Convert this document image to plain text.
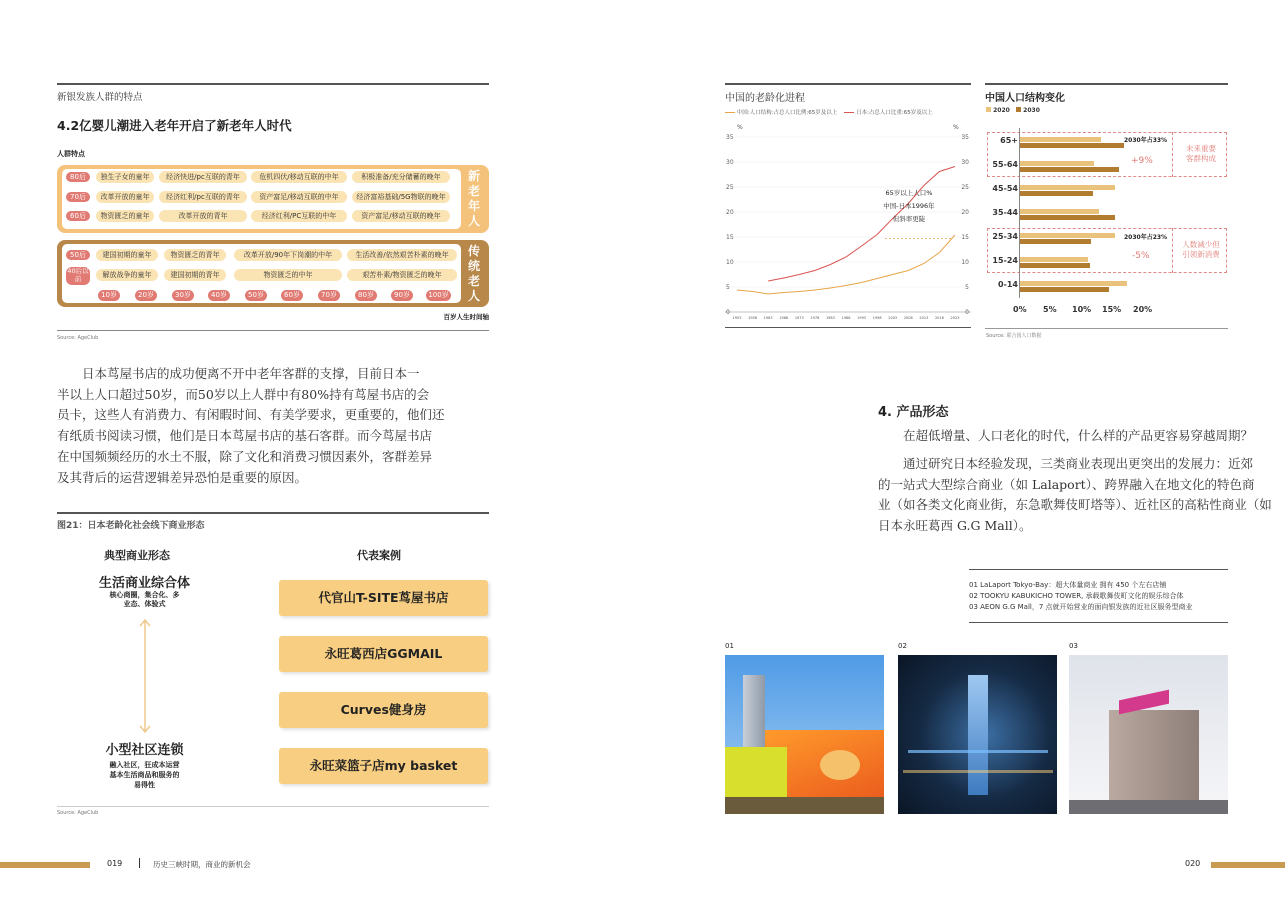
新银发族人群的特点
4.2亿婴儿潮进入老年开启了新老年人时代
人群特点
新
老
年
人
80后	独生子女的童年	经济快进/pc互联的青年	危机四伏/移动互联的中年	积极准备/充分储蓄的晚年
70后	改革开放的童年	经济红利/pc互联的青年	资产富足/移动互联的中年	经济富裕基础/5G物联的晚年
60后	物资匮乏的童年	改革开放的青年	经济红利/PC互联的中年	资产富足/移动互联的晚年
传
统
老
人
50后	建国初期的童年	物资匮乏的青年	改革开放/90年下岗潮的中年	生活改善/依然艰苦朴素的晚年
40后以前	解放战争的童年	建国初期的青年	物资匮乏的中年	艰苦朴素/物资匮乏的晚年
10岁	20岁	30岁	40岁	50岁	60岁	70岁	80岁	90岁	100岁
百岁人生时间轴
Source: AgeClub

日本茑屋书店的成功便离不开中老年客群的支撑，目前日本一

半以上人口超过50岁，而50岁以上人群中有80%持有茑屋书店的会

员卡，这些人有消费力、有闲暇时间、有美学要求，更重要的，他们还

有纸质书阅读习惯，他们是日本茑屋书店的基石客群。而今茑屋书店

在中国频频经历的水土不服，除了文化和消费习惯因素外，客群差异

及其背后的运营逻辑差异恐怕是重要的原因。

图21：日本老龄化社会线下商业形态
典型商业形态	代表案例
生活商业综合体
核心商圈，集合化、多
业态、体验式
小型社区连锁
融入社区，狂成本运营
基本生活商品和服务的
易得性
代官山T-SITE茑屋书店
永旺葛西店GGMAIL
Curves健身房
永旺菜篮子店my basket
Source: AgeClub
019	历史三峡时期，商业的新机会
中国的老龄化进程
中国:人口结构:占总人口比例:65岁及以上	日本:占总人口比重:65岁及以上
%	%
35
30
25
20
15
10
5
0
35
30
25
20
15
10
5
0
1953 1958 1963 1968 1973 1978 1983 1988 1993 1998 2003 2008 2013 2018 2023
65岁以上人口%
中国-日本1996年
但斜率更陡
中国人口结构变化
2020 2030
65+
55-64
45-54
35-44
25-34
15-24
0-14
2030年占33%
+9%
未来重要
客群构成
2030年占23%
-5%
人数减少但
引领新消费
0% 5% 10% 15% 20%
Source: 联合国人口数据
4. 产品形态
在超低增量、人口老化的时代，什么样的产品更容易穿越周期？

通过研究日本经验发现，三类商业表现出更突出的发展力：近郊

的一站式大型综合商业（如 Lalaport）、跨界融入在地文化的特色商

业（如各类文化商业街，东急歌舞伎町塔等）、近社区的高粘性商业（如

日本永旺葛西 G.G Mall）。

01 LaLaport Tokyo-Bay：超大体量商业 拥有 450 个左右店铺
02 TOOKYU KABUKICHO TOWER, 承载歌舞伎町文化的娱乐综合体
03 AEON G.G Mall，7 点就开始营业的面向银发族的近社区服务型商业
01	02	03
020
